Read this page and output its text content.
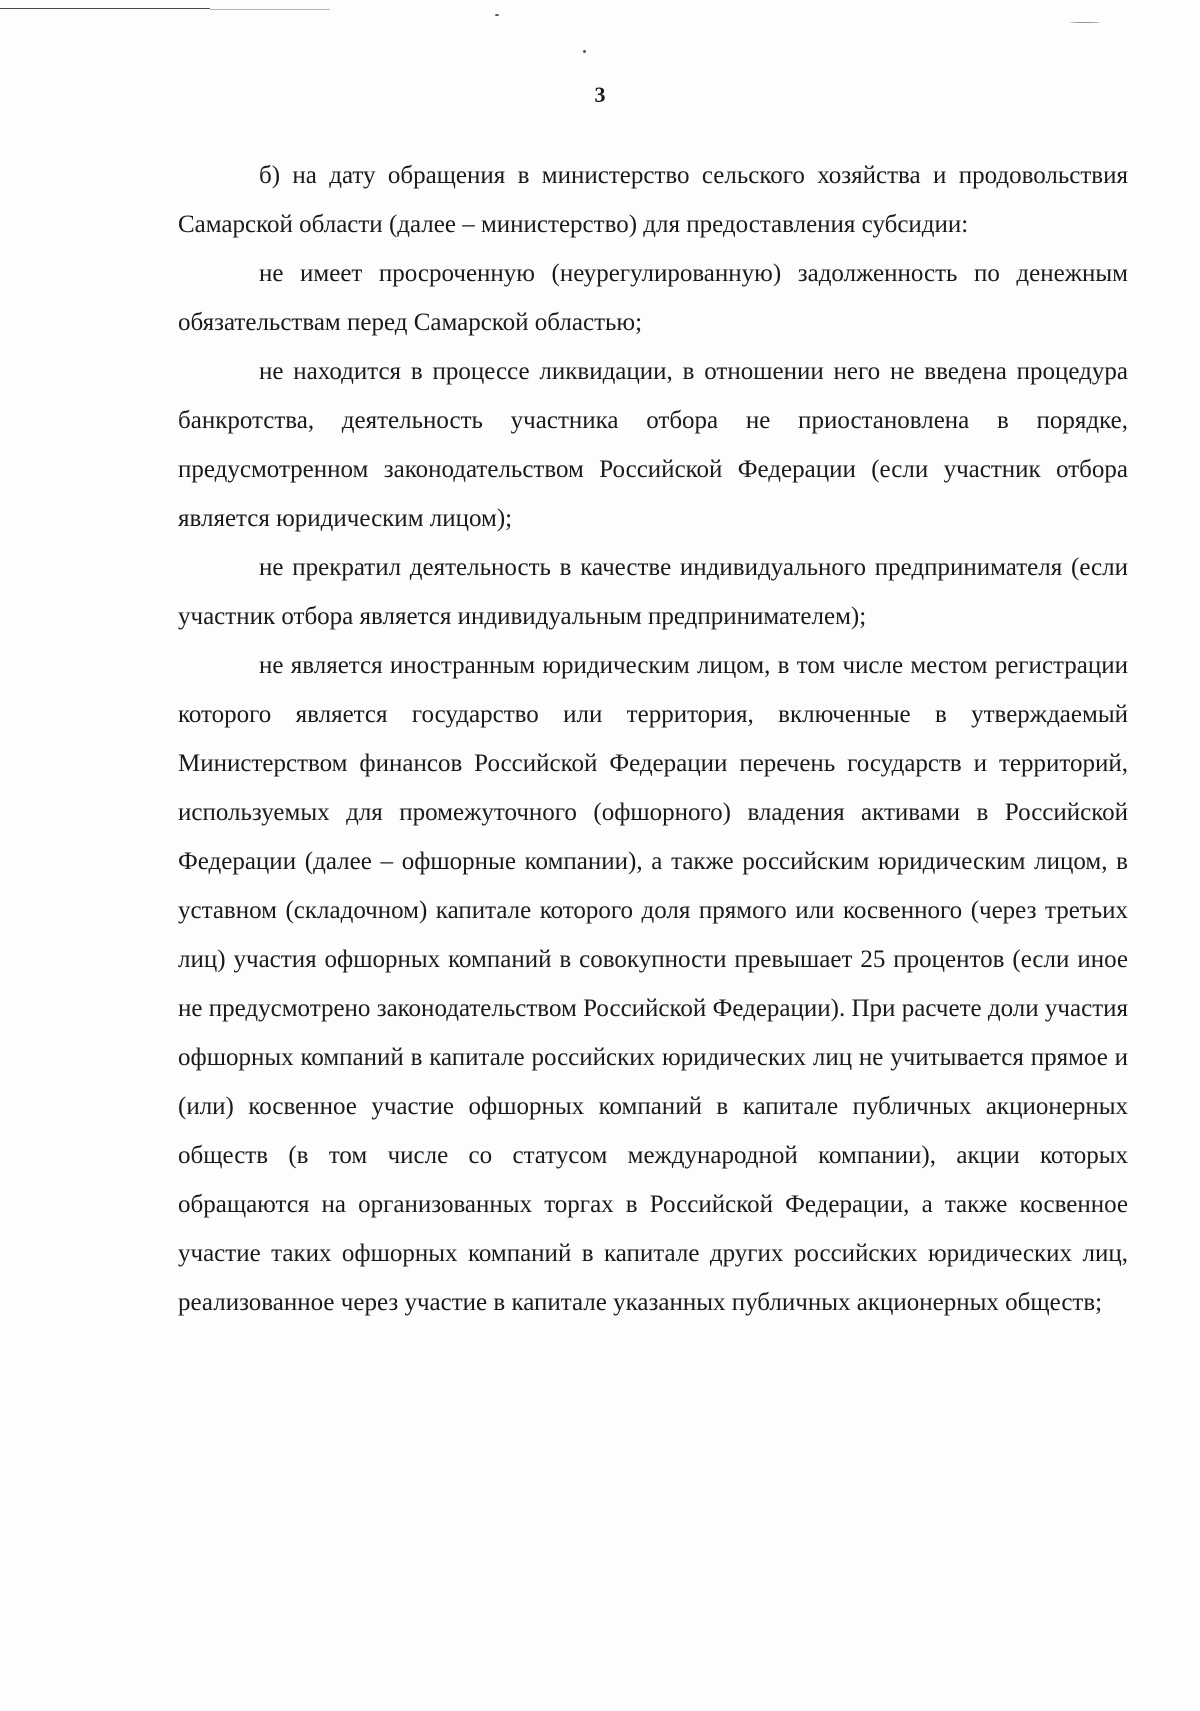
3

б) на дату обращения в министерство сельского хозяйства и продовольствия Самарской области (далее – министерство) для предоставления субсидии:

не имеет просроченную (неурегулированную) задолженность по денежным обязательствам перед Самарской областью;

не находится в процессе ликвидации, в отношении него не введена процедура банкротства, деятельность участника отбора не приостановлена в порядке, предусмотренном законодательством Российской Федерации (если участник отбора является юридическим лицом);

не прекратил деятельность в качестве индивидуального предпринимателя (если участник отбора является индивидуальным предпринимателем);

не является иностранным юридическим лицом, в том числе местом регистрации которого является государство или территория, включенные в утверждаемый Министерством финансов Российской Федерации перечень государств и территорий, используемых для промежуточного (офшорного) владения активами в Российской Федерации (далее – офшорные компании), а также российским юридическим лицом, в уставном (складочном) капитале которого доля прямого или косвенного (через третьих лиц) участия офшорных компаний в совокупности превышает 25 процентов (если иное не предусмотрено законодательством Российской Федерации). При расчете доли участия офшорных компаний в капитале российских юридических лиц не учитывается прямое и (или) косвенное участие офшорных компаний в капитале публичных акционерных обществ (в том числе со статусом международной компании), акции которых обращаются на организованных торгах в Российской Федерации, а также косвенное участие таких офшорных компаний в капитале других российских юридических лиц, реализованное через участие в капитале указанных публичных акционерных обществ;
